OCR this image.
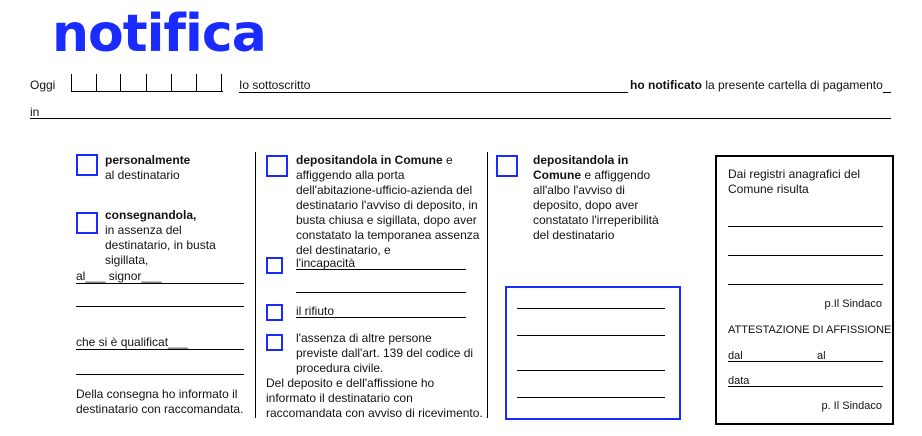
notifica
Oggi	Io sottoscritto	ho notificato la presente cartella di pagamento
in
personalmente
al destinatario
consegnandola,
in assenza del destinatario, in busta sigillata,
al___ signor___
che si è qualificat___
Della consegna ho informato il destinatario con raccomandata.
depositandola in Comune e affiggendo alla porta dell'abitazione-ufficio-azienda del destinatario l'avviso di deposito, in busta chiusa e sigillata, dopo aver constatato la temporanea assenza del destinatario, e
l'incapacità
il rifiuto
l'assenza di altre persone previste dall'art. 139 del codice di procedura civile.
Del deposito e dell'affissione ho informato il destinatario con raccomandata con avviso di ricevimento.
depositandola in Comune e affiggendo all'albo l'avviso di deposito, dopo aver constatato l'irreperibilità del destinatario
Dai registri anagrafici del Comune risulta
p.Il Sindaco
ATTESTAZIONE DI AFFISSIONE
dal	al
data
p. Il Sindaco
